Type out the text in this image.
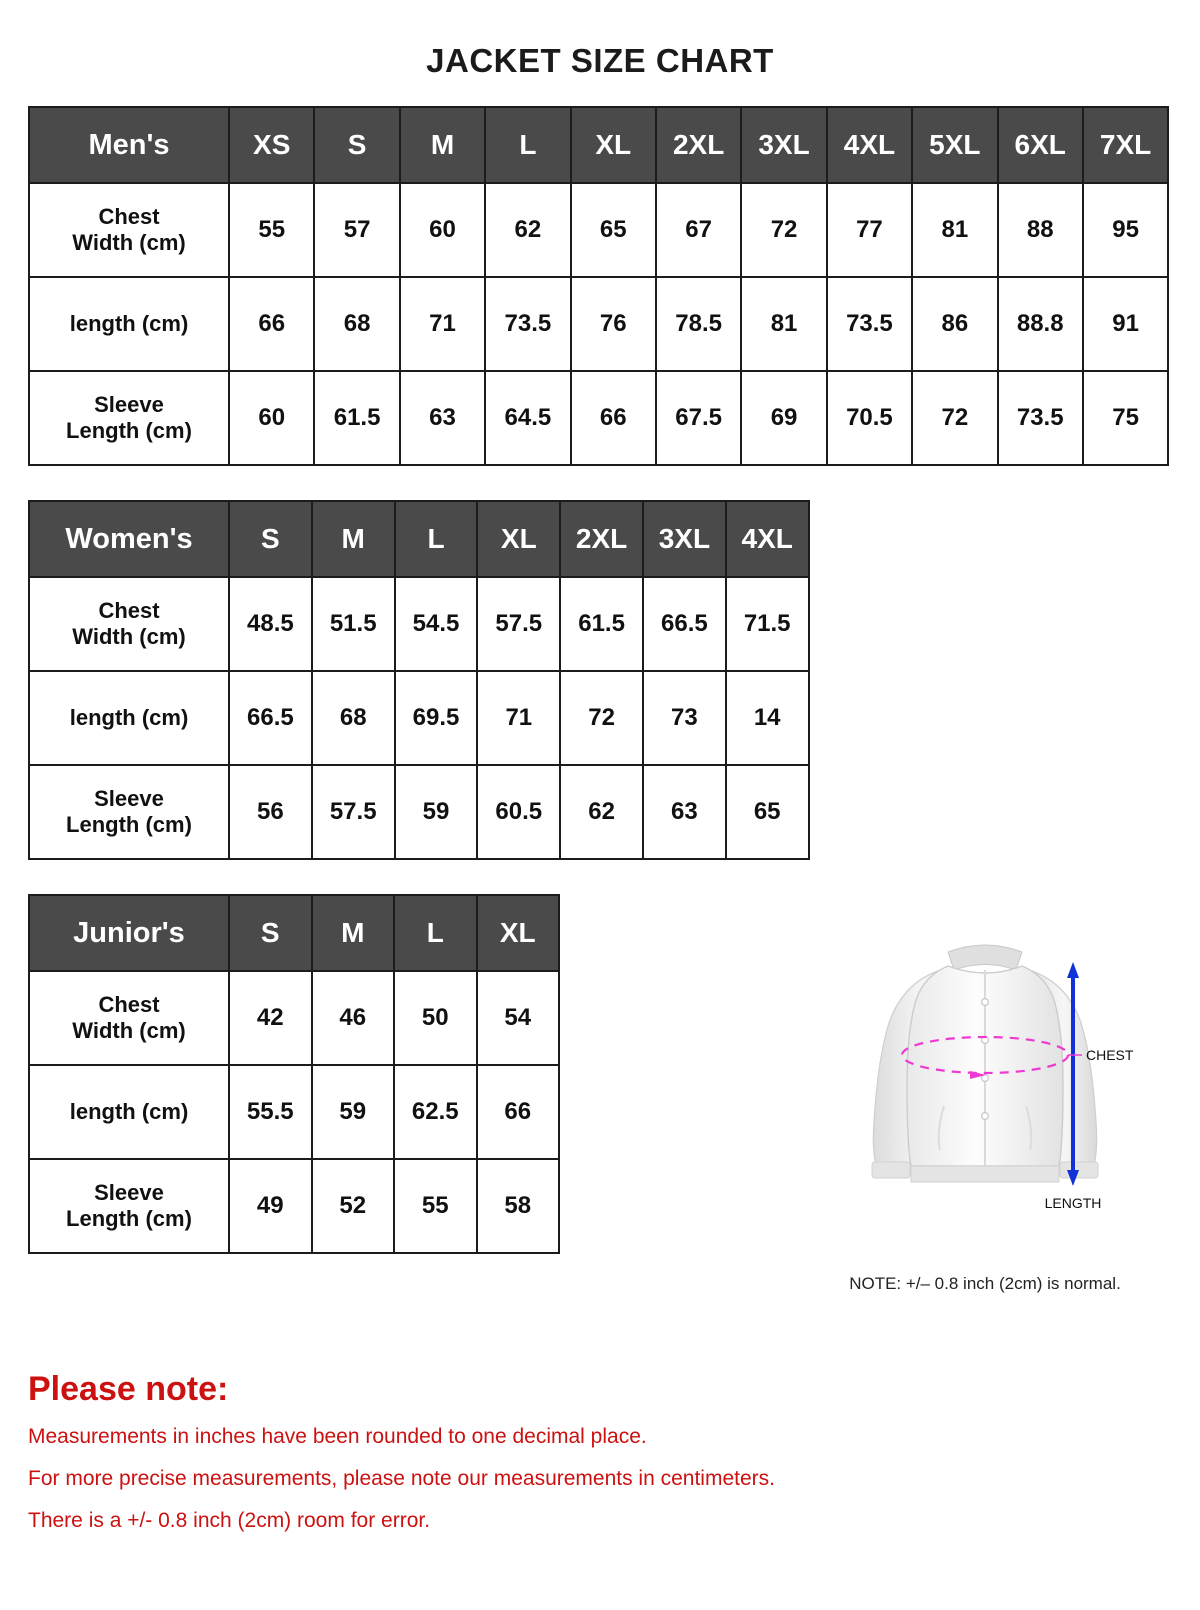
JACKET SIZE CHART
Men's	XS	S	M	L	XL	2XL	3XL	4XL	5XL	6XL	7XL

Chest
Width (cm)	55	57	60	62	65	67	72	77	81	88	95

length (cm)	66	68	71	73.5	76	78.5	81	73.5	86	88.8	91

Sleeve
Length (cm)	60	61.5	63	64.5	66	67.5	69	70.5	72	73.5	75
Women's	S	M	L	XL	2XL	3XL	4XL

Chest
Width (cm)	48.5	51.5	54.5	57.5	61.5	66.5	71.5

length (cm)	66.5	68	69.5	71	72	73	14

Sleeve
Length (cm)	56	57.5	59	60.5	62	63	65
Junior's	S	M	L	XL

Chest
Width (cm)	42	46	50	54

length (cm)	55.5	59	62.5	66

Sleeve
Length (cm)	49	52	55	58
CHEST
LENGTH
NOTE: +/– 0.8 inch (2cm) is normal.
Please note:

Measurements in inches have been rounded to one decimal place.

For more precise measurements, please note our measurements in centimeters.

There is a +/- 0.8 inch (2cm) room for error.
